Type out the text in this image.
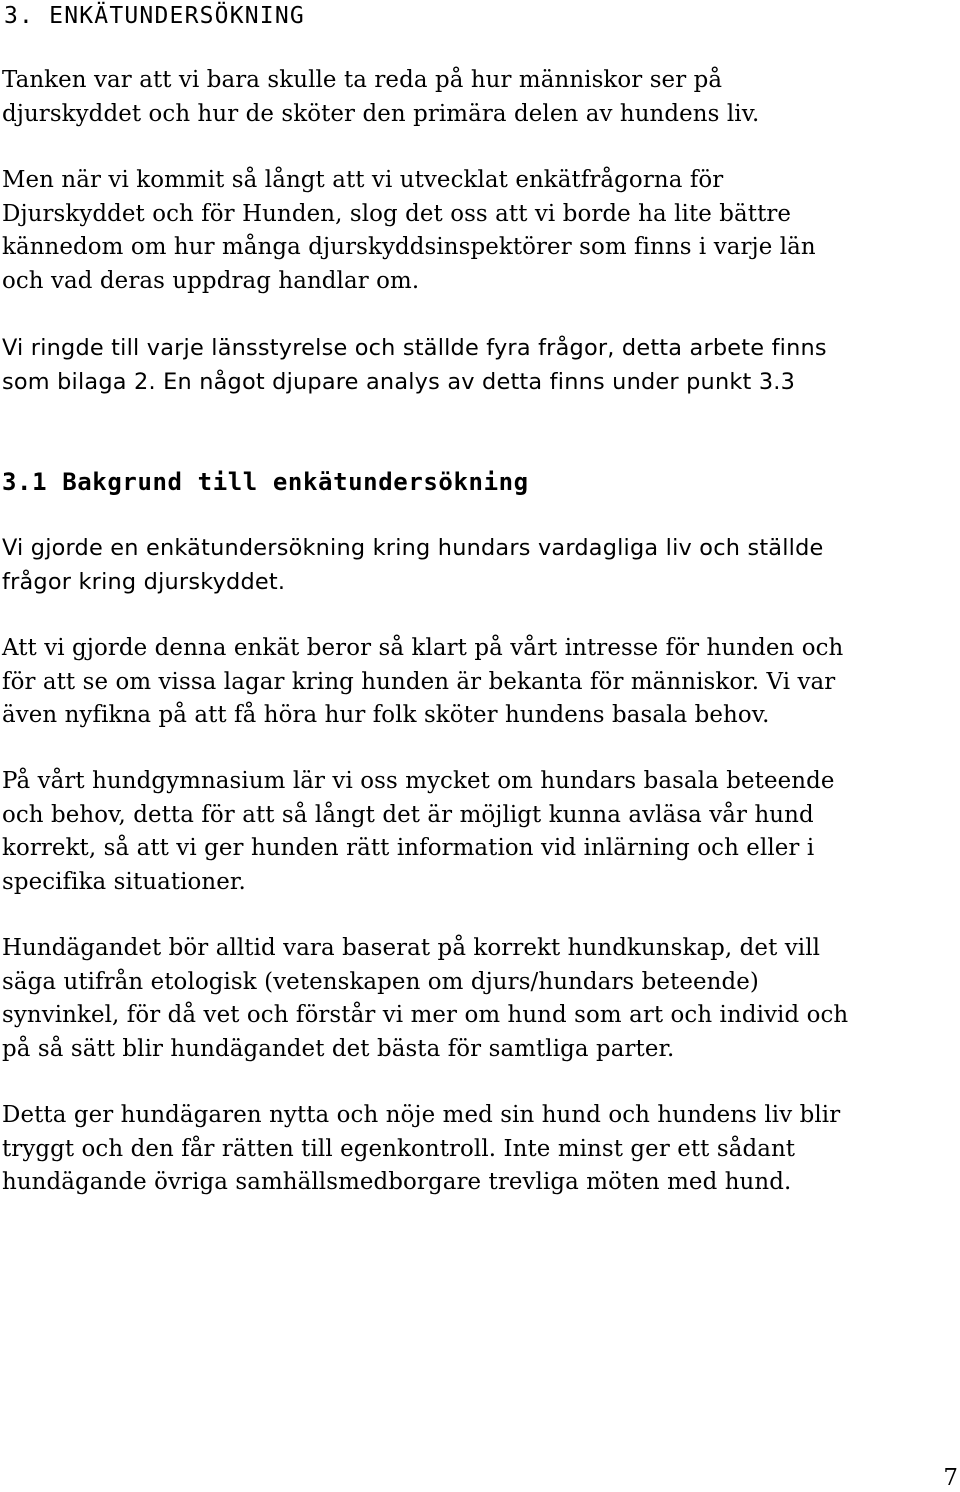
3. ENKÄTUNDERSÖKNING

Tanken var att vi bara skulle ta reda på hur människor ser på
djurskyddet och hur de sköter den primära delen av hundens liv.

Men när vi kommit så långt att vi utvecklat enkätfrågorna för
Djurskyddet och för Hunden, slog det oss att vi borde ha lite bättre
kännedom om hur många djurskyddsinspektörer som finns i varje län
och vad deras uppdrag handlar om.

Vi ringde till varje länsstyrelse och ställde fyra frågor, detta arbete finns
som bilaga 2. En något djupare analys av detta finns under punkt 3.3

3.1 Bakgrund till enkätundersökning

Vi gjorde en enkätundersökning kring hundars vardagliga liv och ställde
frågor kring djurskyddet.

Att vi gjorde denna enkät beror så klart på vårt intresse för hunden och
för att se om vissa lagar kring hunden är bekanta för människor. Vi var
även nyfikna på att få höra hur folk sköter hundens basala behov.

På vårt hundgymnasium lär vi oss mycket om hundars basala beteende
och behov, detta för att så långt det är möjligt kunna avläsa vår hund
korrekt, så att vi ger hunden rätt information vid inlärning och eller i
specifika situationer.

Hundägandet bör alltid vara baserat på korrekt hundkunskap, det vill
säga utifrån etologisk (vetenskapen om djurs/hundars beteende)
synvinkel, för då vet och förstår vi mer om hund som art och individ och
på så sätt blir hundägandet det bästa för samtliga parter.

Detta ger hundägaren nytta och nöje med sin hund och hundens liv blir
tryggt och den får rätten till egenkontroll. Inte minst ger ett sådant
hundägande övriga samhällsmedborgare trevliga möten med hund.

7
